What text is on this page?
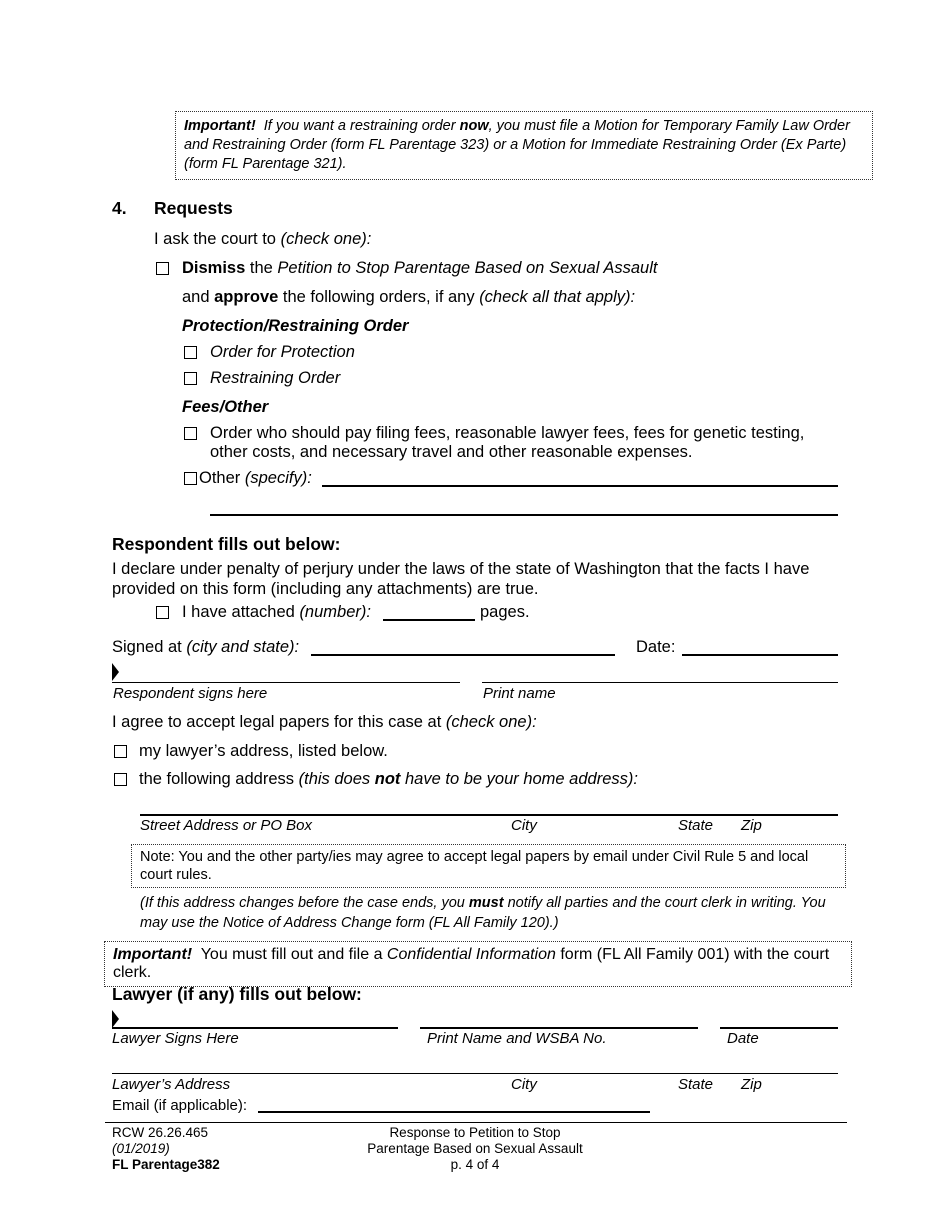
Important! If you want a restraining order now, you must file a Motion for Temporary Family Law Order and Restraining Order (form FL Parentage 323) or a Motion for Immediate Restraining Order (Ex Parte) (form FL Parentage 321).
4. Requests
I ask the court to (check one):
Dismiss the Petition to Stop Parentage Based on Sexual Assault
and approve the following orders, if any (check all that apply):
Protection/Restraining Order
Order for Protection
Restraining Order
Fees/Other
Order who should pay filing fees, reasonable lawyer fees, fees for genetic testing, other costs, and necessary travel and other reasonable expenses.
Other (specify):
Respondent fills out below:
I declare under penalty of perjury under the laws of the state of Washington that the facts I have provided on this form (including any attachments) are true.
I have attached (number):	pages.
Signed at (city and state):	Date:
Respondent signs here	Print name
I agree to accept legal papers for this case at (check one):
my lawyer’s address, listed below.
the following address (this does not have to be your home address):
Street Address or PO Box	City	State Zip
Note: You and the other party/ies may agree to accept legal papers by email under Civil Rule 5 and local court rules.
(If this address changes before the case ends, you must notify all parties and the court clerk in writing. You may use the Notice of Address Change form (FL All Family 120).)
Important! You must fill out and file a Confidential Information form (FL All Family 001) with the court clerk.
Lawyer (if any) fills out below:
Lawyer Signs Here	Print Name and WSBA No.	Date
Lawyer’s Address	City	State Zip
Email (if applicable):
RCW 26.26.465
(01/2019)
FL Parentage382
Response to Petition to Stop
Parentage Based on Sexual Assault
p. 4 of 4
